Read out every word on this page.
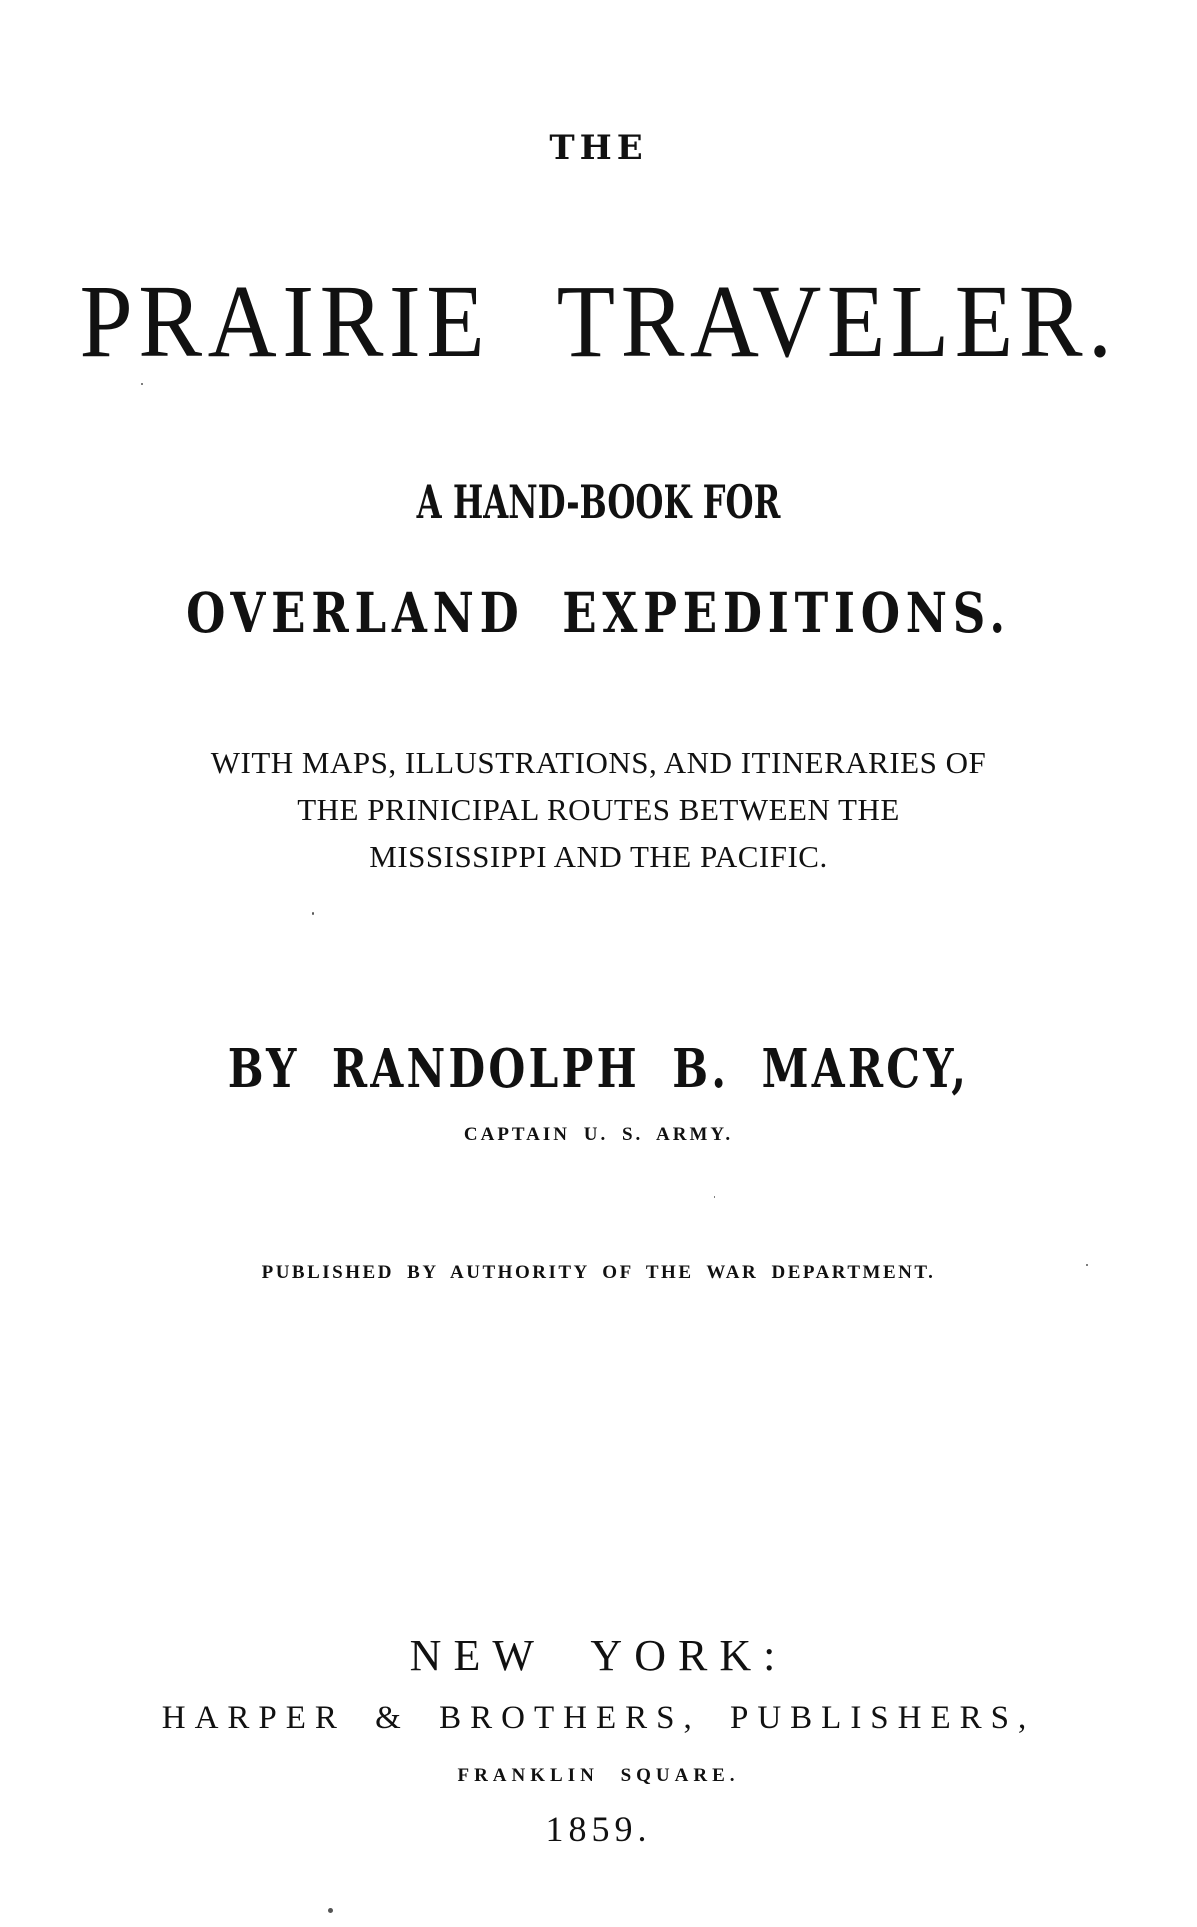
THE
PRAIRIE TRAVELER.
A HAND-BOOK FOR
OVERLAND EXPEDITIONS.
WITH MAPS, ILLUSTRATIONS, AND ITINERARIES OF
THE PRINICIPAL ROUTES BETWEEN THE
MISSISSIPPI AND THE PACIFIC.
BY RANDOLPH B. MARCY,
CAPTAIN U. S. ARMY.
PUBLISHED BY AUTHORITY OF THE WAR DEPARTMENT.
NEW YORK:
HARPER & BROTHERS, PUBLISHERS,
FRANKLIN SQUARE.
1859.
